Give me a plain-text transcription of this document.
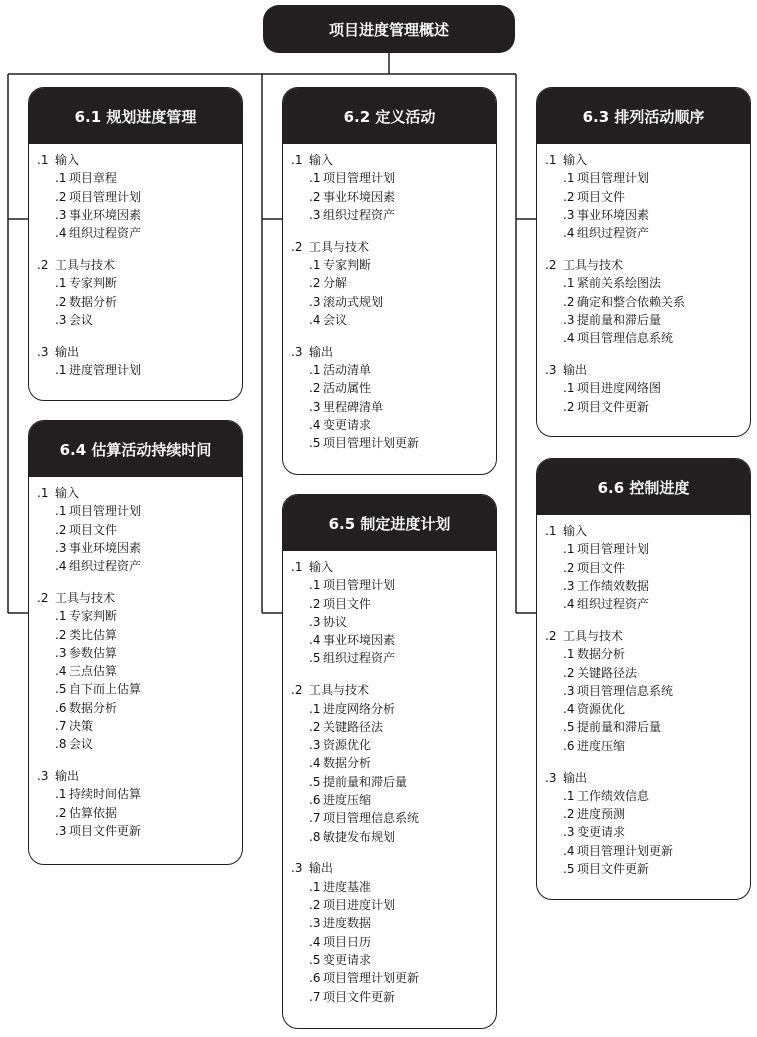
项目进度管理概述
6.1 规划进度管理
.1 输入
.1 项目章程
.2 项目管理计划
.3 事业环境因素
.4 组织过程资产
.2 工具与技术
.1 专家判断
.2 数据分析
.3 会议
.3 输出
.1 进度管理计划
6.2 定义活动
.1 输入
.1 项目管理计划
.2 事业环境因素
.3 组织过程资产
.2 工具与技术
.1 专家判断
.2 分解
.3 滚动式规划
.4 会议
.3 输出
.1 活动清单
.2 活动属性
.3 里程碑清单
.4 变更请求
.5 项目管理计划更新
6.3 排列活动顺序
.1 输入
.1 项目管理计划
.2 项目文件
.3 事业环境因素
.4 组织过程资产
.2 工具与技术
.1 紧前关系绘图法
.2 确定和整合依赖关系
.3 提前量和滞后量
.4 项目管理信息系统
.3 输出
.1 项目进度网络图
.2 项目文件更新
6.4 估算活动持续时间
.1 输入
.1 项目管理计划
.2 项目文件
.3 事业环境因素
.4 组织过程资产
.2 工具与技术
.1 专家判断
.2 类比估算
.3 参数估算
.4 三点估算
.5 自下而上估算
.6 数据分析
.7 决策
.8 会议
.3 输出
.1 持续时间估算
.2 估算依据
.3 项目文件更新
6.5 制定进度计划
.1 输入
.1 项目管理计划
.2 项目文件
.3 协议
.4 事业环境因素
.5 组织过程资产
.2 工具与技术
.1 进度网络分析
.2 关键路径法
.3 资源优化
.4 数据分析
.5 提前量和滞后量
.6 进度压缩
.7 项目管理信息系统
.8 敏捷发布规划
.3 输出
.1 进度基准
.2 项目进度计划
.3 进度数据
.4 项目日历
.5 变更请求
.6 项目管理计划更新
.7 项目文件更新
6.6 控制进度
.1 输入
.1 项目管理计划
.2 项目文件
.3 工作绩效数据
.4 组织过程资产
.2 工具与技术
.1 数据分析
.2 关键路径法
.3 项目管理信息系统
.4 资源优化
.5 提前量和滞后量
.6 进度压缩
.3 输出
.1 工作绩效信息
.2 进度预测
.3 变更请求
.4 项目管理计划更新
.5 项目文件更新
